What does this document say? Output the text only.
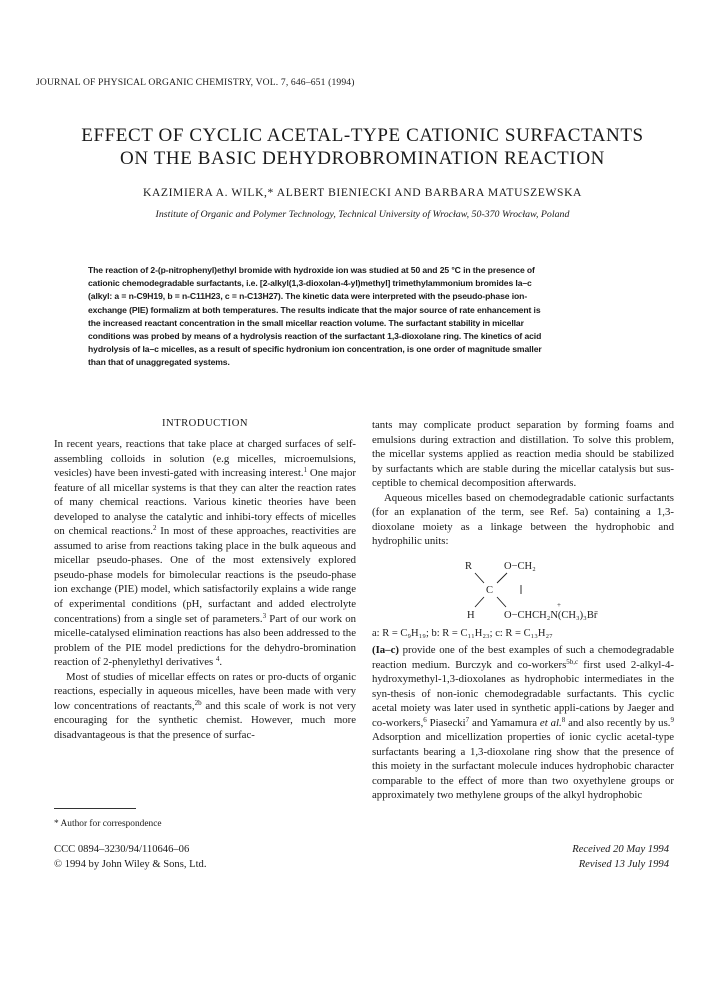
JOURNAL OF PHYSICAL ORGANIC CHEMISTRY, VOL. 7, 646–651 (1994)
EFFECT OF CYCLIC ACETAL-TYPE CATIONIC SURFACTANTS
ON THE BASIC DEHYDROBROMINATION REACTION
KAZIMIERA A. WILK,* ALBERT BIENIECKI AND BARBARA MATUSZEWSKA
Institute of Organic and Polymer Technology, Technical University of Wrocław, 50-370 Wrocław, Poland
The reaction of 2-(p-nitrophenyl)ethyl bromide with hydroxide ion was studied at 50 and 25 °C in the presence of
cationic chemodegradable surfactants, i.e. [2-alkyl(1,3-dioxolan-4-yl)methyl] trimethylammonium bromides Ia–c
(alkyl: a = n-C9H19, b = n-C11H23, c = n-C13H27). The kinetic data were interpreted with the pseudo-phase ion-
exchange (PIE) formalizm at both temperatures. The results indicate that the major source of rate enhancement is
the increased reactant concentration in the small micellar reaction volume. The surfactant stability in micellar
conditions was probed by means of a hydrolysis reaction of the surfactant 1,3-dioxolane ring. The kinetics of acid
hydrolysis of Ia–c micelles, as a result of specific hydronium ion concentration, is one order of magnitude smaller
than that of unaggregated systems.
INTRODUCTION

In recent years, reactions that take place at charged surfaces of self-assembling colloids in solution (e.g micelles, microemulsions, vesicles) have been investi-gated with increasing interest.$^1$ One major feature of all micellar systems is that they can alter the reaction rates of many chemical reactions. Various kinetic theories have been developed to analyse the catalytic and inhibi-tory effects of micelles on chemical reactions.$^2$ In most of these approaches, reactivities are assumed to arise from reactions taking place in the bulk aqueous and micellar pseudo-phases. One of the most extensively explored pseudo-phase models for bimolecular reactions is the pseudo-phase ion exchange (PIE) model, which satisfactorily explains a wide range of experimental conditions (pH, surfactant and added electrolyte concentrations) from a single set of parameters.$^3$ Part of our work on micelle-catalysed elimination reactions has also been addressed to the problem of the PIE model predictions for the dehydro-bromination reaction of 2-phenylethyl derivatives $^4$.

Most of studies of micellar effects on rates or pro-ducts of organic reactions, especially in aqueous micelles, have been made with very low concentrations of reactants,$^{2b}$ and this scale of work is not very encouraging for the synthetic chemist. However, much more disadvantageous is that the presence of surfac-

tants may complicate product separation by forming foams and emulsions during extraction and distillation. To solve this problem, the micellar systems applied as reaction media should be stabilized by surfactants which are stable during the micellar catalysis but sus-ceptible to chemical decomposition afterwards.

Aqueous micelles based on chemodegradable cationic surfactants (for an explanation of the term, see Ref. 5a) containing a 1,3-dioxolane moiety as a linkage between the hydrophobic and hydrophilic units:

R	O−CH₂
C
+
H	O−CHCH₂N(CH₃)₃Br̄
a: R = C₉H₁₉; b: R = C₁₁H₂₃; c: R = C₁₃H₂₇

(Ia–c) provide one of the best examples of such a chemodegradable reaction medium. Burczyk and co-workers$^{5b,c}$ first used 2-alkyl-4-hydroxymethyl-1,3-dioxolanes as hydrophobic intermediates in the syn-thesis of non-ionic chemodegradable surfactants. This cyclic acetal moiety was later used in synthetic appli-cations by Jaeger and co-workers,$^6$ Piasecki$^7$ and Yamamura et al.$^8$ and also recently by us.$^9$ Adsorption and micellization properties of ionic cyclic acetal-type surfactants bearing a 1,3-dioxolane ring show that the presence of this moiety in the surfactant molecule induces hydrophobic character comparable to the effect of more than two oxyethylene groups or approximately two methylene groups of the alkyl hydrophobic

* Author for correspondence
CCC 0894–3230/94/110646–06
© 1994 by John Wiley & Sons, Ltd.
Received 20 May 1994
Revised 13 July 1994
